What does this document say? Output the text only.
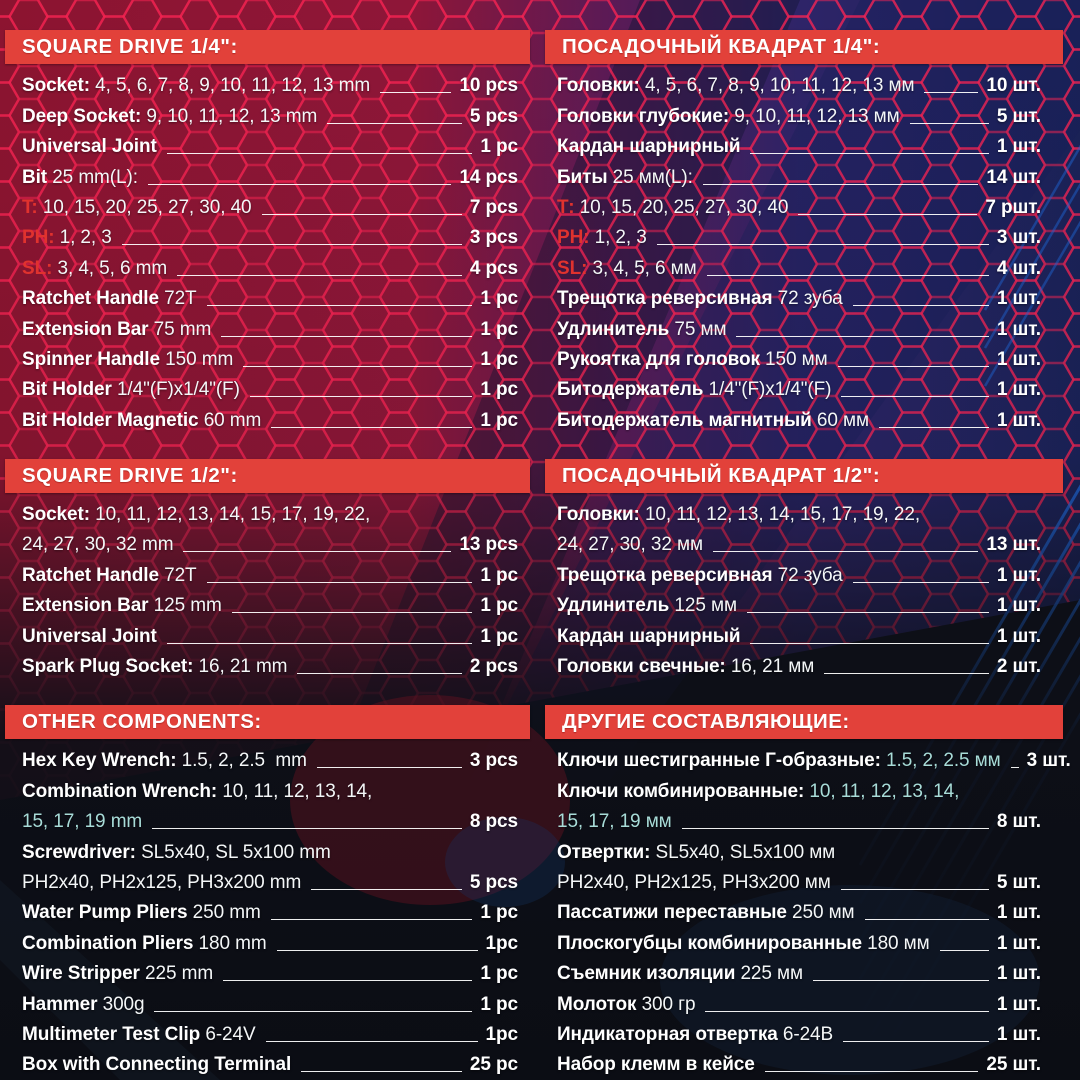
SQUARE DRIVE 1/4":
Socket: 4, 5, 6, 7, 8, 9, 10, 11, 12, 13 mm	10 pcs
Deep Socket: 9, 10, 11, 12, 13 mm	5 pcs
Universal Joint	1 pc
Bit 25 mm(L):	14 pcs
T: 10, 15, 20, 25, 27, 30, 40	7 pcs
PH: 1, 2, 3	3 pcs
SL: 3, 4, 5, 6 mm	4 pcs
Ratchet Handle 72T	1 pc
Extension Bar 75 mm	1 pc
Spinner Handle 150 mm	1 pc
Bit Holder 1/4"(F)x1/4"(F)	1 pc
Bit Holder Magnetic 60 mm	1 pc
SQUARE DRIVE 1/2":
Socket: 10, 11, 12, 13, 14, 15, 17, 19, 22,
24, 27, 30, 32 mm	13 pcs
Ratchet Handle 72T	1 pc
Extension Bar 125 mm	1 pc
Universal Joint	1 pc
Spark Plug Socket: 16, 21 mm	2 pcs
OTHER COMPONENTS:
Hex Key Wrench: 1.5, 2, 2.5  mm	3 pcs
Combination Wrench: 10, 11, 12, 13, 14,
15, 17, 19 mm	8 pcs
Screwdriver: SL5x40, SL 5x100 mm
PH2x40, PH2x125, PH3x200 mm	5 pcs
Water Pump Pliers 250 mm	1 pc
Combination Pliers 180 mm	1pc
Wire Stripper 225 mm	1 pc
Hammer 300g	1 pc
Multimeter Test Clip 6-24V	1pc
Box with Connecting Terminal	25 pc
ПОСАДОЧНЫЙ КВАДРАТ 1/4":
Головки: 4, 5, 6, 7, 8, 9, 10, 11, 12, 13 мм	10 шт.
Головки глубокие: 9, 10, 11, 12, 13 мм	5 шт.
Кардан шарнирный	1 шт.
Биты 25 мм(L):	14 шт.
Т: 10, 15, 20, 25, 27, 30, 40	7 ршт.
PH: 1, 2, 3	3 шт.
SL: 3, 4, 5, 6 мм	4 шт.
Трещотка реверсивная 72 зуба	1 шт.
Удлинитель 75 мм	1 шт.
Рукоятка для головок 150 мм	1 шт.
Битодержатель 1/4"(F)x1/4"(F)	1 шт.
Битодержатель магнитный 60 мм	1 шт.
ПОСАДОЧНЫЙ КВАДРАТ 1/2":
Головки: 10, 11, 12, 13, 14, 15, 17, 19, 22,
24, 27, 30, 32 мм	13 шт.
Трещотка реверсивная 72 зуба	1 шт.
Удлинитель 125 мм	1 шт.
Кардан шарнирный	1 шт.
Головки свечные: 16, 21 мм	2 шт.
ДРУГИЕ СОСТАВЛЯЮЩИЕ:
Ключи шестигранные Г-образные: 1.5, 2, 2.5 мм 3 шт.
Ключи комбинированные: 10, 11, 12, 13, 14,
15, 17, 19 мм	8 шт.
Отвертки: SL5x40, SL5x100 мм
PH2x40, PH2x125, PH3x200 мм	5 шт.
Пассатижи переставные 250 мм	1 шт.
Плоскогубцы комбинированные 180 мм	1 шт.
Съемник изоляции 225 мм	1 шт.
Молоток 300 гр	1 шт.
Индикаторная отвертка 6-24В	1 шт.
Набор клемм в кейсе	25 шт.
